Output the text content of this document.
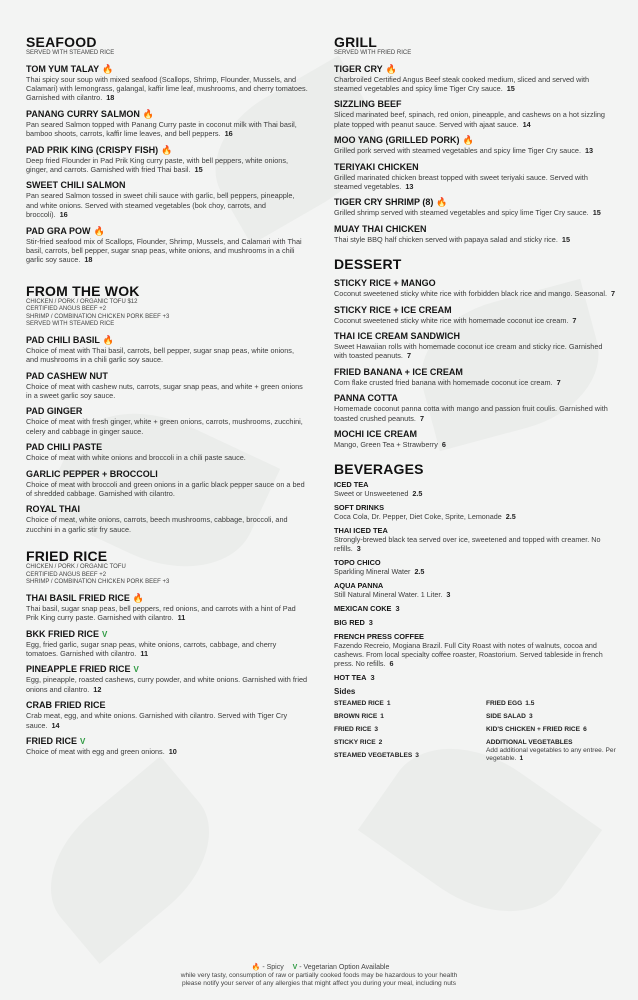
SEAFOOD
SERVED WITH STEAMED RICE
TOM YUM TALAY 🔥
Thai spicy sour soup with mixed seafood (Scallops, Shrimp, Flounder, Mussels, and Calamari) with lemongrass, galangal, kaffir lime leaf, mushrooms, and cherry tomatoes. Garnished with cilantro. 18
PANANG CURRY SALMON 🔥
Pan seared Salmon topped with Panang Curry paste in coconut milk with Thai basil, bamboo shoots, carrots, kaffir lime leaves, and bell peppers. 16
PAD PRIK KING (CRISPY FISH) 🔥
Deep fried Flounder in Pad Prik King curry paste, with bell peppers, white onions, ginger, and carrots. Garnished with fried Thai basil. 15
SWEET CHILI SALMON
Pan seared Salmon tossed in sweet chili sauce with garlic, bell peppers, pineapple, and white onions. Served with steamed vegetables (bok choy, carrots, and broccoli). 16
PAD GRA POW 🔥
Stir-fried seafood mix of Scallops, Flounder, Shrimp, Mussels, and Calamari with Thai basil, carrots, bell pepper, sugar snap peas, white onions, and mushrooms in a chili garlic soy sauce. 18
FROM THE WOK
CHICKEN / PORK / ORGANIC TOFU $12
CERTIFIED ANGUS BEEF +2
SHRIMP / COMBINATION CHICKEN PORK BEEF +3
SERVED WITH STEAMED RICE
PAD CHILI BASIL 🔥
Choice of meat with Thai basil, carrots, bell pepper, sugar snap peas, white onions, and mushrooms in a chili garlic soy sauce.
PAD CASHEW NUT
Choice of meat with cashew nuts, carrots, sugar snap peas, and white + green onions in a sweet garlic soy sauce.
PAD GINGER
Choice of meat with fresh ginger, white + green onions, carrots, mushrooms, zucchini, celery and cabbage in ginger sauce.
PAD CHILI PASTE
Choice of meat with white onions and broccoli in a chili paste sauce.
GARLIC PEPPER + BROCCOLI
Choice of meat with broccoli and green onions in a garlic black pepper sauce on a bed of shredded cabbage. Garnished with cilantro.
ROYAL THAI
Choice of meat, white onions, carrots, beech mushrooms, cabbage, broccoli, and zucchini in a garlic stir fry sauce.
FRIED RICE
CHICKEN / PORK / ORGANIC TOFU
CERTIFIED ANGUS BEEF +2
SHRIMP / COMBINATION CHICKEN PORK BEEF +3
THAI BASIL FRIED RICE 🔥
Thai basil, sugar snap peas, bell peppers, red onions, and carrots with a hint of Pad Prik King curry paste. Garnished with cilantro. 11
BKK FRIED RICE V
Egg, fried garlic, sugar snap peas, white onions, carrots, cabbage, and cherry tomatoes. Garnished with cilantro. 11
PINEAPPLE FRIED RICE V
Egg, pineapple, roasted cashews, curry powder, and white onions. Garnished with fried onions and cilantro. 12
CRAB FRIED RICE
Crab meat, egg, and white onions. Garnished with cilantro. Served with Tiger Cry sauce. 14
FRIED RICE V
Choice of meat with egg and green onions. 10
GRILL
SERVED WITH FRIED RICE
TIGER CRY 🔥
Charbroiled Certified Angus Beef steak cooked medium, sliced and served with steamed vegetables and spicy lime Tiger Cry sauce. 15
SIZZLING BEEF
Sliced marinated beef, spinach, red onion, pineapple, and cashews on a hot sizzling plate topped with peanut sauce. Served with ajaat sauce. 14
MOO YANG (GRILLED PORK) 🔥
Grilled pork served with steamed vegetables and spicy lime Tiger Cry sauce. 13
TERIYAKI CHICKEN
Grilled marinated chicken breast topped with sweet teriyaki sauce. Served with steamed vegetables. 13
TIGER CRY SHRIMP (8) 🔥
Grilled shrimp served with steamed vegetables and spicy lime Tiger Cry sauce. 15
MUAY THAI CHICKEN
Thai style BBQ half chicken served with papaya salad and sticky rice. 15
DESSERT
STICKY RICE + MANGO
Coconut sweetened sticky white rice with forbidden black rice and mango. Seasonal. 7
STICKY RICE + ICE CREAM
Coconut sweetened sticky white rice with homemade coconut ice cream. 7
THAI ICE CREAM SANDWICH
Sweet Hawaiian rolls with homemade coconut ice cream and sticky rice. Garnished with toasted peanuts. 7
FRIED BANANA + ICE CREAM
Corn flake crusted fried banana with homemade coconut ice cream. 7
PANNA COTTA
Homemade coconut panna cotta with mango and passion fruit coulis. Garnished with toasted crushed peanuts. 7
MOCHI ICE CREAM
Mango, Green Tea + Strawberry 6
BEVERAGES
ICED TEA
Sweet or Unsweetened 2.5
SOFT DRINKS
Coca Cola, Dr. Pepper, Diet Coke, Sprite, Lemonade 2.5
THAI ICED TEA
Strongly-brewed black tea served over ice, sweetened and topped with creamer. No refills. 3
TOPO CHICO
Sparkling Mineral Water 2.5
AQUA PANNA
Still Natural Mineral Water. 1 Liter. 3
MEXICAN COKE 3
BIG RED 3
FRENCH PRESS COFFEE
Fazendo Recreio, Mogiana Brazil. Full City Roast with notes of walnuts, cocoa and cashews. From local specialty coffee roaster, Roastorium. Served tableside in french press. No refills. 6
HOT TEA 3
Sides
STEAMED RICE 1
BROWN RICE 1
FRIED RICE 3
STICKY RICE 2
STEAMED VEGETABLES 3
FRIED EGG 1.5
SIDE SALAD 3
KID'S CHICKEN + FRIED RICE 6
ADDITIONAL VEGETABLES
Add additional vegetables to any entree. Per vegetable. 1
🔥 - Spicy V - Vegetarian Option Available
while very tasty, consumption of raw or partially cooked foods may be hazardous to your health
please notify your server of any allergies that might affect you during your meal, including nuts
